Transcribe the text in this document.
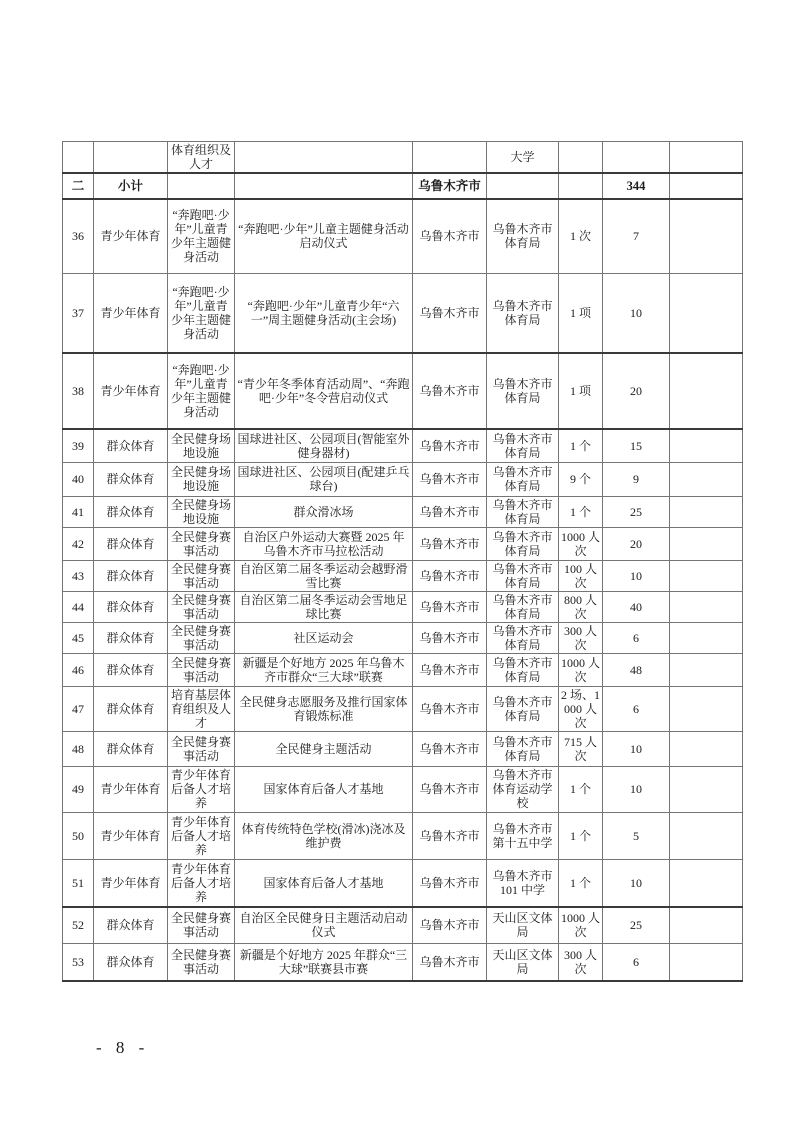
		体育组织及人才			大学			
二	小计			乌鲁木齐市			344	
36	青少年体育	“奔跑吧·少年”儿童青少年主题健身活动	“奔跑吧·少年”儿童主题健身活动启动仪式	乌鲁木齐市	乌鲁木齐市体育局	1 次	7	
37	青少年体育	“奔跑吧·少年”儿童青少年主题健身活动	“奔跑吧·少年”儿童青少年“六一”周主题健身活动(主会场)	乌鲁木齐市	乌鲁木齐市体育局	1 项	10	
38	青少年体育	“奔跑吧·少年”儿童青少年主题健身活动	“青少年冬季体育活动周”、“奔跑吧·少年”冬令营启动仪式	乌鲁木齐市	乌鲁木齐市体育局	1 项	20	
39	群众体育	全民健身场地设施	国球进社区、公园项目(智能室外健身器材)	乌鲁木齐市	乌鲁木齐市体育局	1 个	15	
40	群众体育	全民健身场地设施	国球进社区、公园项目(配建乒乓球台)	乌鲁木齐市	乌鲁木齐市体育局	9 个	9	
41	群众体育	全民健身场地设施	群众滑冰场	乌鲁木齐市	乌鲁木齐市体育局	1 个	25	
42	群众体育	全民健身赛事活动	自治区户外运动大赛暨 2025 年乌鲁木齐市马拉松活动	乌鲁木齐市	乌鲁木齐市体育局	1000 人次	20	
43	群众体育	全民健身赛事活动	自治区第二届冬季运动会越野滑雪比赛	乌鲁木齐市	乌鲁木齐市体育局	100 人次	10	
44	群众体育	全民健身赛事活动	自治区第二届冬季运动会雪地足球比赛	乌鲁木齐市	乌鲁木齐市体育局	800 人次	40	
45	群众体育	全民健身赛事活动	社区运动会	乌鲁木齐市	乌鲁木齐市体育局	300 人次	6	
46	群众体育	全民健身赛事活动	新疆是个好地方 2025 年乌鲁木齐市群众“三大球”联赛	乌鲁木齐市	乌鲁木齐市体育局	1000 人次	48	
47	群众体育	培育基层体育组织及人才	全民健身志愿服务及推行国家体育锻炼标准	乌鲁木齐市	乌鲁木齐市体育局	2 场、1000 人次	6	
48	群众体育	全民健身赛事活动	全民健身主题活动	乌鲁木齐市	乌鲁木齐市体育局	715 人次	10	
49	青少年体育	青少年体育后备人才培养	国家体育后备人才基地	乌鲁木齐市	乌鲁木齐市体育运动学校	1 个	10	
50	青少年体育	青少年体育后备人才培养	体育传统特色学校(滑冰)浇冰及维护费	乌鲁木齐市	乌鲁木齐市第十五中学	1 个	5	
51	青少年体育	青少年体育后备人才培养	国家体育后备人才基地	乌鲁木齐市	乌鲁木齐市 101 中学	1 个	10	
52	群众体育	全民健身赛事活动	自治区全民健身日主题活动启动仪式	乌鲁木齐市	天山区文体局	1000 人次	25	
53	群众体育	全民健身赛事活动	新疆是个好地方 2025 年群众“三大球”联赛县市赛	乌鲁木齐市	天山区文体局	300 人次	6	
- 8 -
